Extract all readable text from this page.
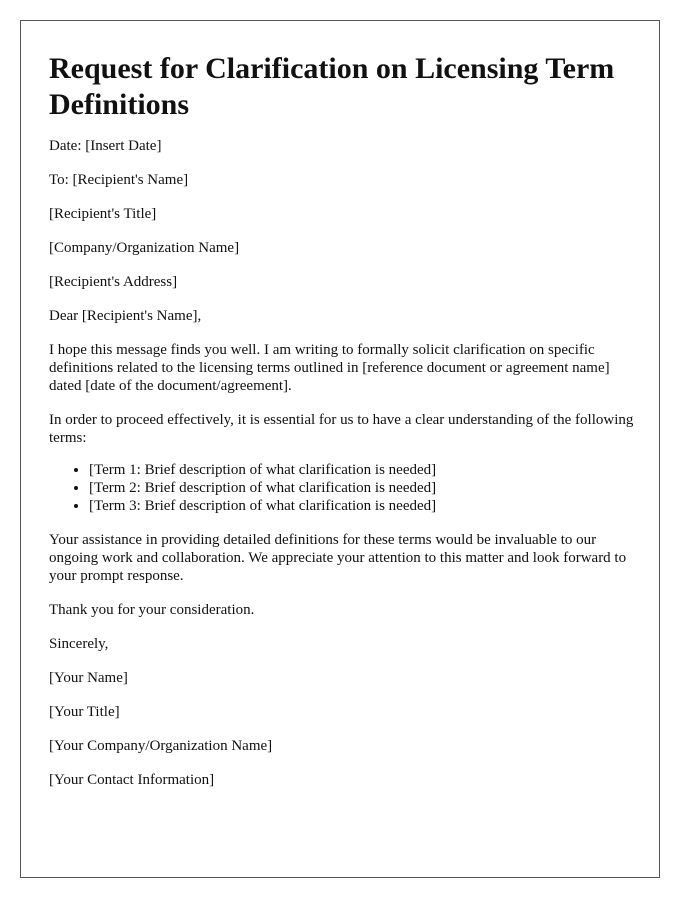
Request for Clarification on Licensing Term Definitions

Date: [Insert Date]

To: [Recipient's Name]

[Recipient's Title]

[Company/Organization Name]

[Recipient's Address]

Dear [Recipient's Name],

I hope this message finds you well. I am writing to formally solicit clarification on specific definitions related to the licensing terms outlined in [reference document or agreement name] dated [date of the document/agreement].

In order to proceed effectively, it is essential for us to have a clear understanding of the following terms:

• [Term 1: Brief description of what clarification is needed]
• [Term 2: Brief description of what clarification is needed]
• [Term 3: Brief description of what clarification is needed]

Your assistance in providing detailed definitions for these terms would be invaluable to our ongoing work and collaboration. We appreciate your attention to this matter and look forward to your prompt response.

Thank you for your consideration.

Sincerely,

[Your Name]

[Your Title]

[Your Company/Organization Name]

[Your Contact Information]
